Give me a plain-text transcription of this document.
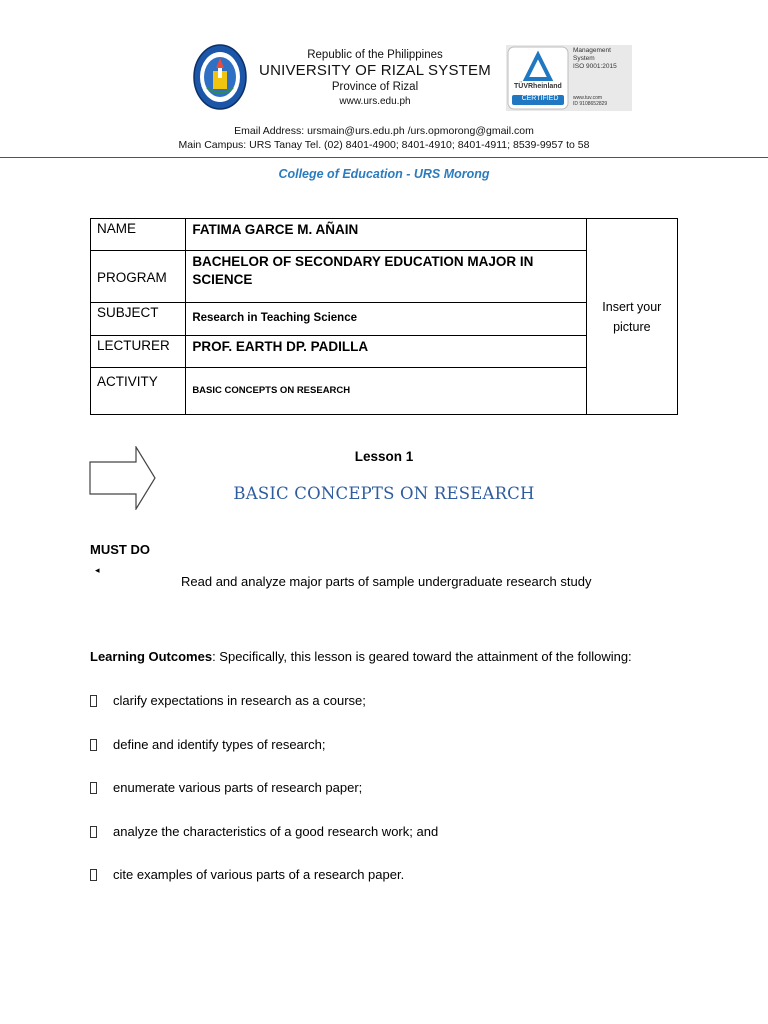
Republic of the Philippines
UNIVERSITY OF RIZAL SYSTEM
Province of Rizal
www.urs.edu.ph
TÜVRheinland
CERTIFIED
Management
System
ISO 9001:2015
www.tuv.com
ID 9108652829
Email Address: ursmain@urs.edu.ph /urs.opmorong@gmail.com
Main Campus: URS Tanay Tel. (02) 8401-4900; 8401-4910; 8401-4911; 8539-9957 to 58
College of Education - URS Morong
NAME	FATIMA GARCE M. AÑAIN	Insert your
picture

PROGRAM	BACHELOR OF SECONDARY EDUCATION MAJOR IN SCIENCE	
SUBJECT	Research in Teaching Science	
LECTURER	PROF. EARTH DP. PADILLA	
ACTIVITY	BASIC CONCEPTS ON RESEARCH	
Lesson 1
BASIC CONCEPTS ON RESEARCH
MUST DO
◂
Read and analyze major parts of sample undergraduate research study
Learning Outcomes: Specifically, this lesson is geared toward the attainment of the following:
clarify expectations in research as a course;
define and identify types of research;
enumerate various parts of research paper;
analyze the characteristics of a good research work; and
cite examples of various parts of a research paper.
